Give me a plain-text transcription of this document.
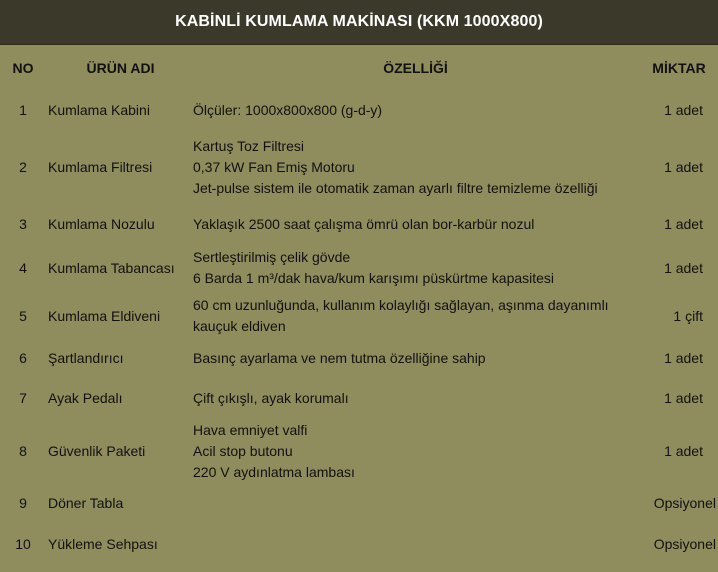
KABİNLİ KUMLAMA MAKİNASI (KKM 1000X800)
NO	ÜRÜN ADI	ÖZELLİĞİ	MİKTAR
1	Kumlama Kabini	Ölçüler: 1000x800x800 (g-d-y)	1 adet
2	Kumlama Filtresi	Kartuş Toz Filtresi
0,37 kW Fan Emiş Motoru
Jet-pulse sistem ile otomatik zaman ayarlı filtre temizleme özelliği	1 adet
3	Kumlama Nozulu	Yaklaşık 2500 saat çalışma ömrü olan bor-karbür nozul	1 adet
4	Kumlama Tabancası	Sertleştirilmiş çelik gövde
6 Barda 1 m³/dak hava/kum karışımı püskürtme kapasitesi	1 adet
5	Kumlama Eldiveni	60 cm uzunluğunda, kullanım kolaylığı sağlayan, aşınma dayanımlı
kauçuk eldiven	1 çift
6	Şartlandırıcı	Basınç ayarlama ve nem tutma özelliğine sahip	1 adet
7	Ayak Pedalı	Çift çıkışlı, ayak korumalı	1 adet
8	Güvenlik Paketi	Hava emniyet valfi
Acil stop butonu
220 V aydınlatma lambası	1 adet
9	Döner Tabla		Opsiyonel
10	Yükleme Sehpası		Opsiyonel
